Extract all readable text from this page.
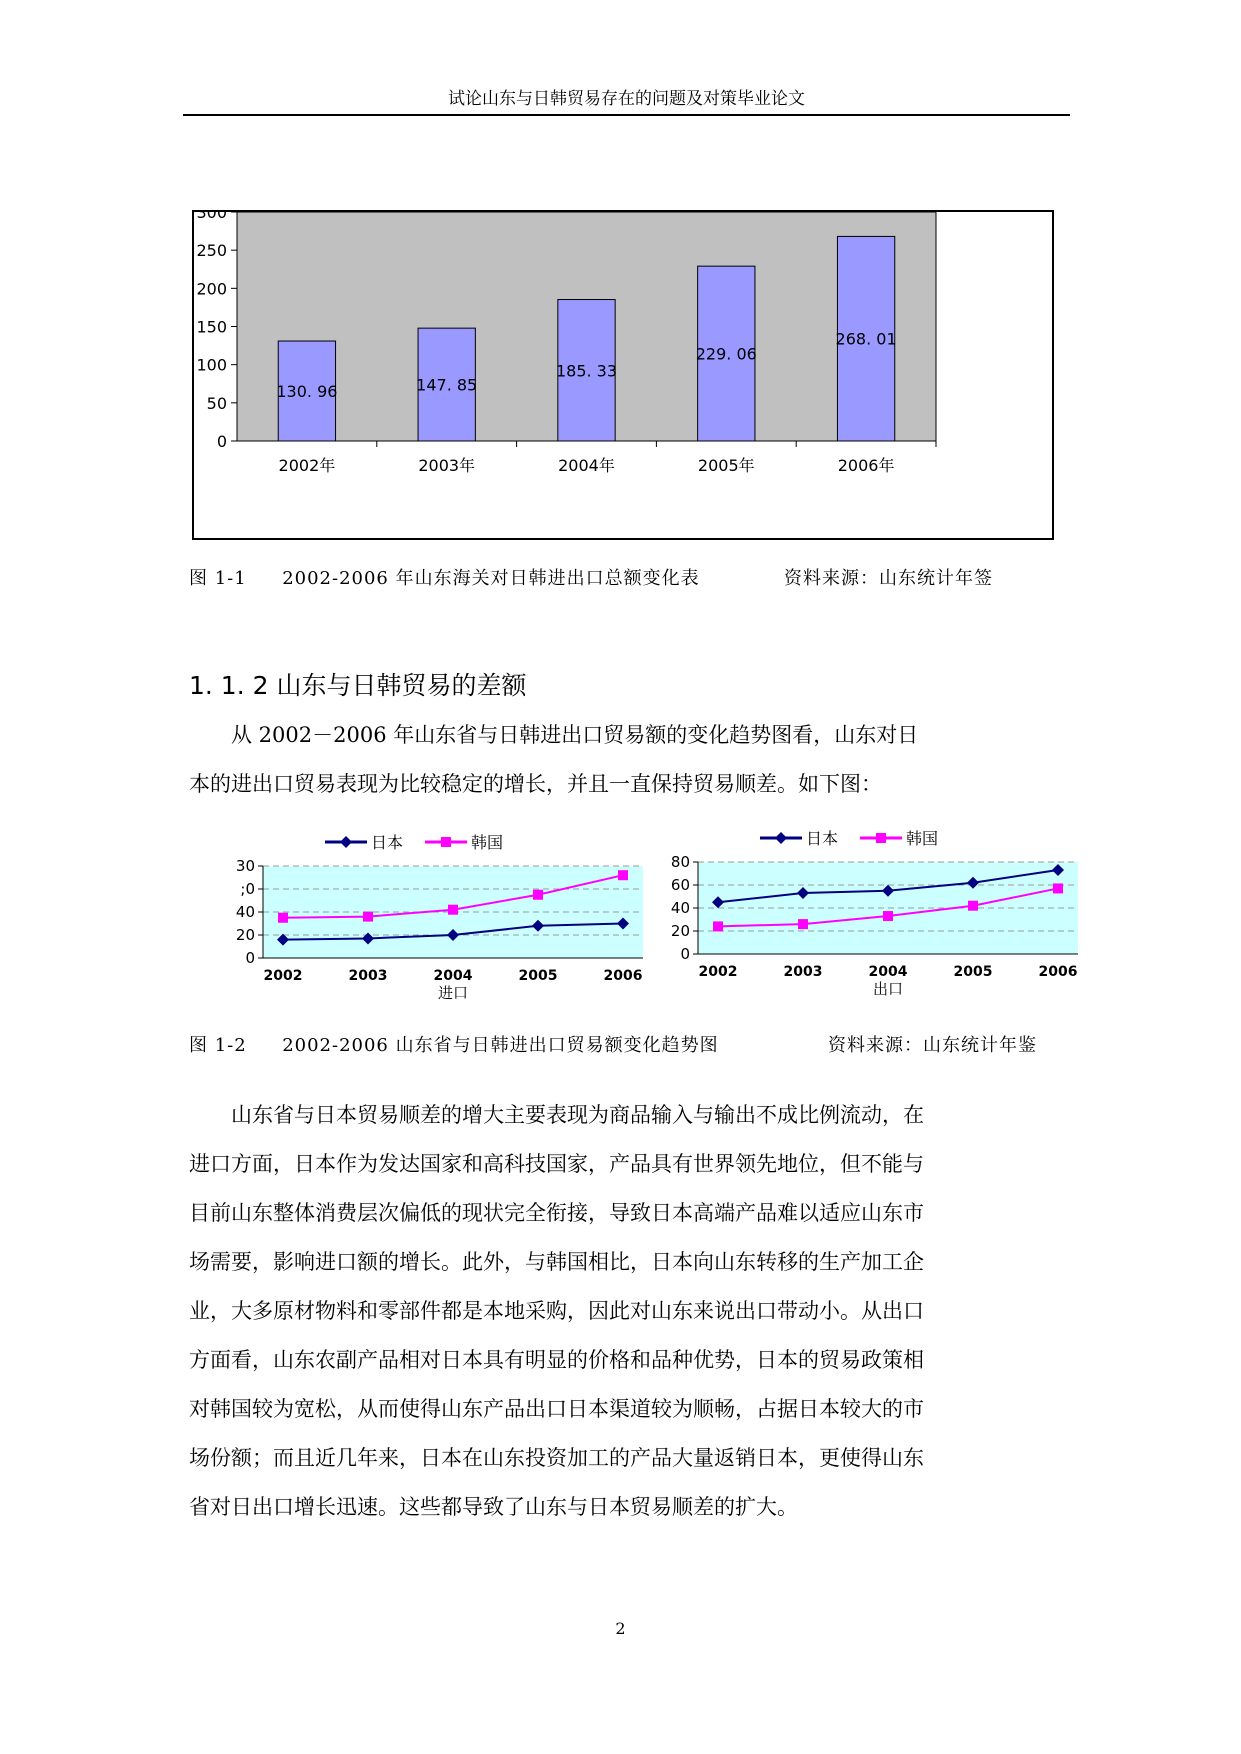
试论山东与日韩贸易存在的问题及对策毕业论文
0
50
100
150
200
250
300
130. 96
2002年
147. 85
2003年
185. 33
2004年
229. 06
2005年
268. 01
2006年
图 1-1 2002-2006 年山东海关对日韩进出口总额变化表	资料来源：山东统计年签
1. 1. 2 山东与日韩贸易的差额
从 2002－2006 年山东省与日韩进出口贸易额的变化趋势图看，山东对日
本的进出口贸易表现为比较稳定的增长，并且一直保持贸易顺差。如下图：
日本	韩国
0
20
40
;0
30
2002	2003	2004	2005	2006
进口
日本	韩国
0
20
40
60
80
2002	2003	2004	2005	2006
出口
图 1-2 2002-2006 山东省与日韩进出口贸易额变化趋势图	资料来源：山东统计年鉴
山东省与日本贸易顺差的增大主要表现为商品输入与输出不成比例流动，在
进口方面，日本作为发达国家和高科技国家，产品具有世界领先地位，但不能与
目前山东整体消费层次偏低的现状完全衔接，导致日本高端产品难以适应山东市
场需要，影响进口额的增长。此外，与韩国相比，日本向山东转移的生产加工企
业，大多原材物料和零部件都是本地采购，因此对山东来说出口带动小。从出口
方面看，山东农副产品相对日本具有明显的价格和品种优势，日本的贸易政策相
对韩国较为宽松，从而使得山东产品出口日本渠道较为顺畅，占据日本较大的市
场份额；而且近几年来，日本在山东投资加工的产品大量返销日本，更使得山东
省对日出口增长迅速。这些都导致了山东与日本贸易顺差的扩大。
2
